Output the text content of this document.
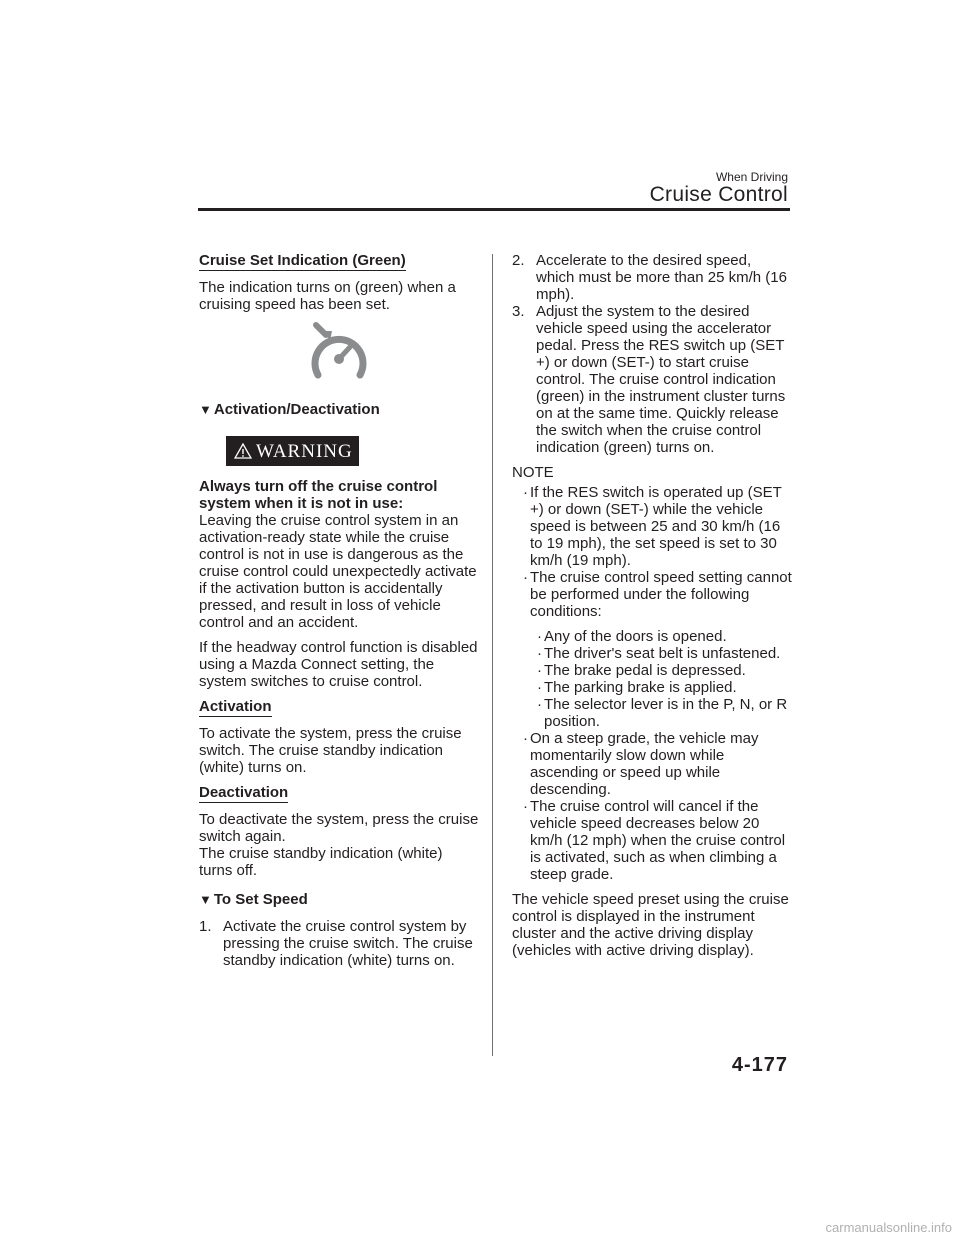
When Driving
Cruise Control
Cruise Set Indication (Green)

The indication turns on (green) when a cruising speed has been set.

▼ Activation/Deactivation
WARNING
Always turn off the cruise control system when it is not in use:

Leaving the cruise control system in an activation-ready state while the cruise control is not in use is dangerous as the cruise control could unexpectedly activate if the activation button is accidentally pressed, and result in loss of vehicle control and an accident.

If the headway control function is disabled using a Mazda Connect setting, the system switches to cruise control.

Activation

To activate the system, press the cruise switch. The cruise standby indication (white) turns on.

Deactivation
To deactivate the system, press the cruise switch again.

The cruise standby indication (white) turns off.

▼ To Set Speed
1. Activate the cruise control system by pressing the cruise switch. The cruise standby indication (white) turns on.
2. Accelerate to the desired speed, which must be more than 25 km/h (16 mph).
3. Adjust the system to the desired vehicle speed using the accelerator pedal. Press the RES switch up (SET +) or down (SET-) to start cruise control. The cruise control indication (green) in the instrument cluster turns on at the same time. Quickly release the switch when the cruise control indication (green) turns on.
NOTE
· If the RES switch is operated up (SET +) or down (SET-) while the vehicle speed is between 25 and 30 km/h (16 to 19 mph), the set speed is set to 30 km/h (19 mph).
· The cruise control speed setting cannot be performed under the following conditions:
· Any of the doors is opened.
· The driver's seat belt is unfastened.
· The brake pedal is depressed.
· The parking brake is applied.
· The selector lever is in the P, N, or R position.
· On a steep grade, the vehicle may momentarily slow down while ascending or speed up while descending.
· The cruise control will cancel if the vehicle speed decreases below 20 km/h (12 mph) when the cruise control is activated, such as when climbing a steep grade.

The vehicle speed preset using the cruise control is displayed in the instrument cluster and the active driving display (vehicles with active driving display).

4-177
carmanualsonline.info
